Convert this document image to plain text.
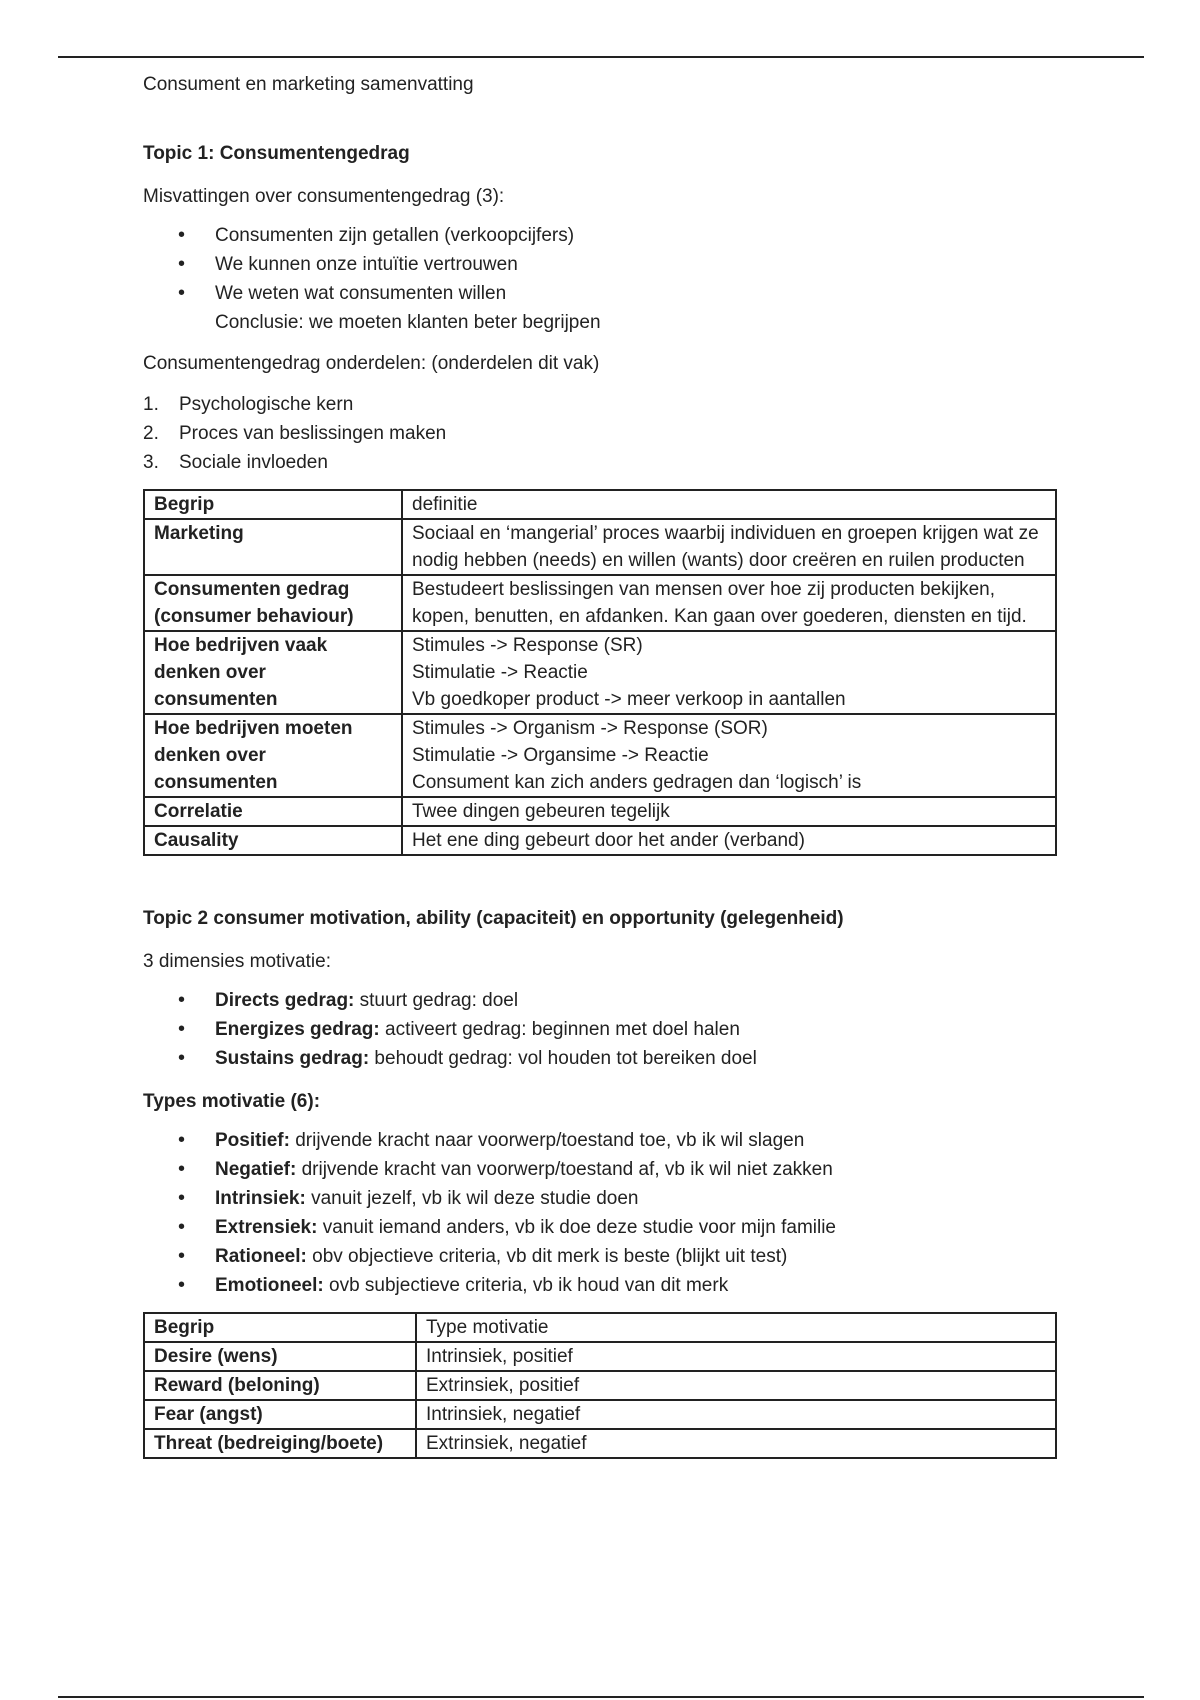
Consument en marketing samenvatting

Topic 1: Consumentengedrag

Misvattingen over consumentengedrag (3):

• Consumenten zijn getallen (verkoopcijfers)
• We kunnen onze intuïtie vertrouwen
• We weten wat consumenten willen

Conclusie: we moeten klanten beter begrijpen

Consumentengedrag onderdelen: (onderdelen dit vak)

1.	Psychologische kern
2.	Proces van beslissingen maken
3.	Sociale invloeden
Begrip	definitie
Marketing	Sociaal en ‘mangerial’ proces waarbij individuen en groepen krijgen wat ze nodig hebben (needs) en willen (wants) door creëren en ruilen producten

Consumenten gedrag (consumer behaviour)	Bestudeert beslissingen van mensen over hoe zij producten bekijken, kopen, benutten, en afdanken. Kan gaan over goederen, diensten en tijd.

Hoe bedrijven vaak denken over consumenten	Stimules -> Response (SR)
Stimulatie -> Reactie
Vb goedkoper product -> meer verkoop in aantallen

Hoe bedrijven moeten denken over consumenten	Stimules -> Organism -> Response (SOR)
Stimulatie -> Organsime -> Reactie
Consument kan zich anders gedragen dan ‘logisch’ is

Correlatie	Twee dingen gebeuren tegelijk

Causality	Het ene ding gebeurt door het ander (verband)

Topic 2 consumer motivation, ability (capaciteit) en opportunity (gelegenheid)

3 dimensies motivatie:

• Directs gedrag: stuurt gedrag: doel
• Energizes gedrag: activeert gedrag: beginnen met doel halen
• Sustains gedrag: behoudt gedrag: vol houden tot bereiken doel

Types motivatie (6):

• Positief: drijvende kracht naar voorwerp/toestand toe, vb ik wil slagen
• Negatief: drijvende kracht van voorwerp/toestand af, vb ik wil niet zakken
• Intrinsiek: vanuit jezelf, vb ik wil deze studie doen
• Extrensiek: vanuit iemand anders, vb ik doe deze studie voor mijn familie
• Rationeel: obv objectieve criteria, vb dit merk is beste (blijkt uit test)
• Emotioneel: ovb subjectieve criteria, vb ik houd van dit merk
Begrip	Type motivatie
Desire (wens)	Intrinsiek, positief
Reward (beloning)	Extrinsiek, positief
Fear (angst)	Intrinsiek, negatief
Threat (bedreiging/boete)	Extrinsiek, negatief
